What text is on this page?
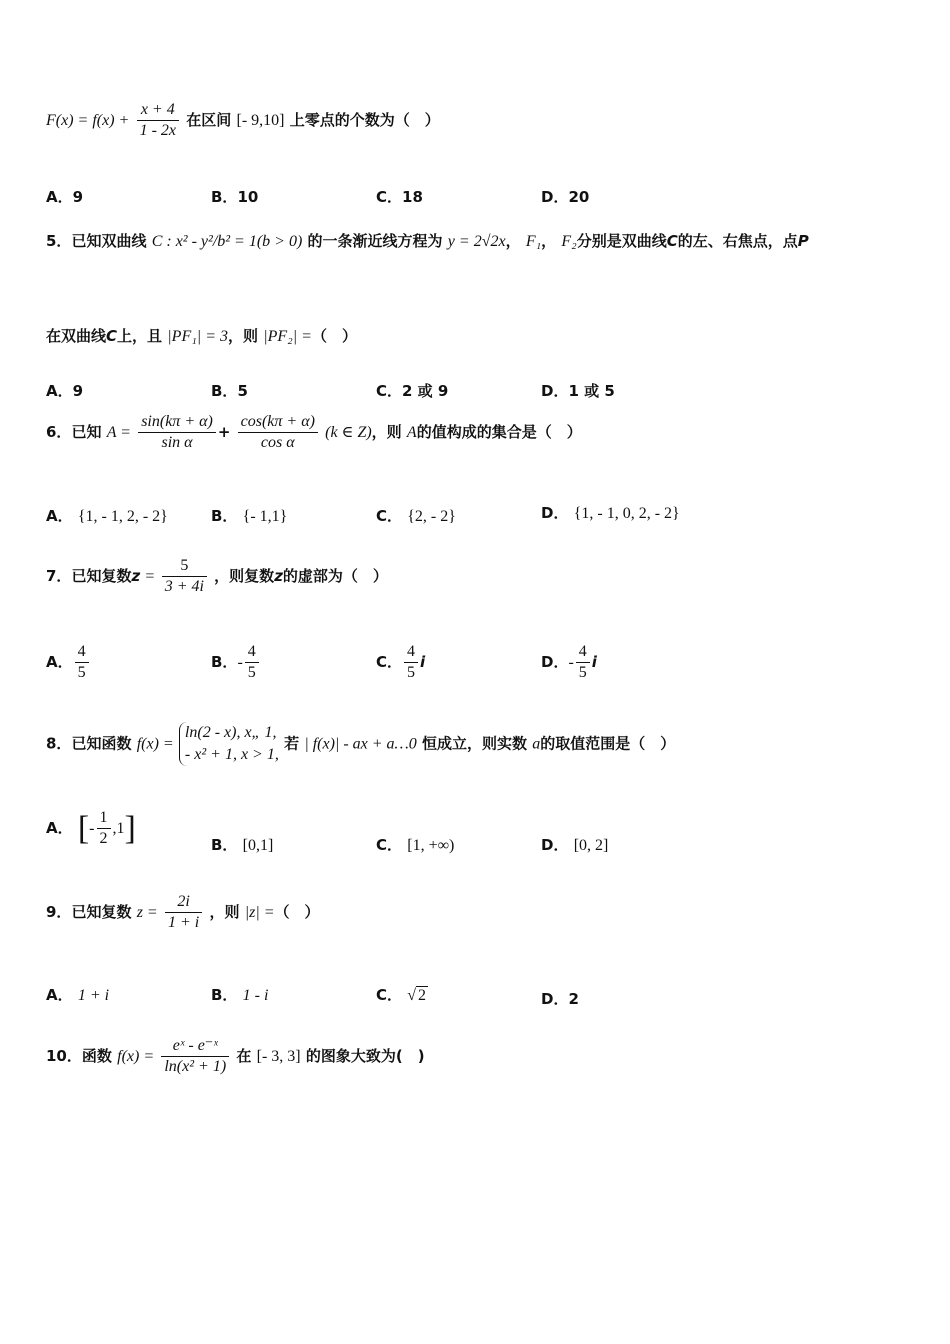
$F(x) = f(x) + \frac{x + 4}{1 - 2x}$ 在区间 [- 9,10] 上零点的个数为（　）
A．9	B．10	C．18	D．20
5．已知双曲线 C : x² - y²/b² = 1(b > 0) 的一条渐近线方程为 y = 2√2x， F₁， F₂分别是双曲线C的左、右焦点，点P
在双曲线C上，且 |PF₁| = 3，则 |PF₂| =（　）
A．9	B．5	C．2 或 9	D．1 或 5
6．已知 $A = \frac{\sin(k\pi + \alpha)}{\text{sin α}} + \frac{\cos(k\pi + \alpha)}{\text{cos α}} (k$ ∈ Z)，则 A的值构成的集合是（　）
A． {1, - 1, 2, - 2}	B． {- 1,1}	C． {2, - 2}	D． {1, - 1, 0, 2, - 2}
7．已知复数$z = \frac{5}{3 + 4i}$ ，则复数z的虚部为（　）
A． $\frac{4}{5}$	B．- $\frac{4}{5}$	C． $\frac{4}{5}$ i	D．- $\frac{4}{5}$ i
8．已知函数 f(x) =
ln(2 - x), x„ 1,
- x² + 1, x > 1,
若 | f(x)| - ax + a…0 恒成立，则实数 a的取值范围是（　）
A． [- $\frac{1}{2} ,1$]	B． [0,1]	C． [1, +∞)	D． [0, 2]
9．已知复数 $z = \frac{2i}{1 + i}$ ，则 |z| =（　）
A． 1 + i	B． 1 - i	C． √ 2	D．2
10．函数 $f(x) = \frac{\text{eˣ - e⁻ˣ}}{\text{ln(x² + 1)}}$ 在 [- 3, 3] 的图象大致为(　)
